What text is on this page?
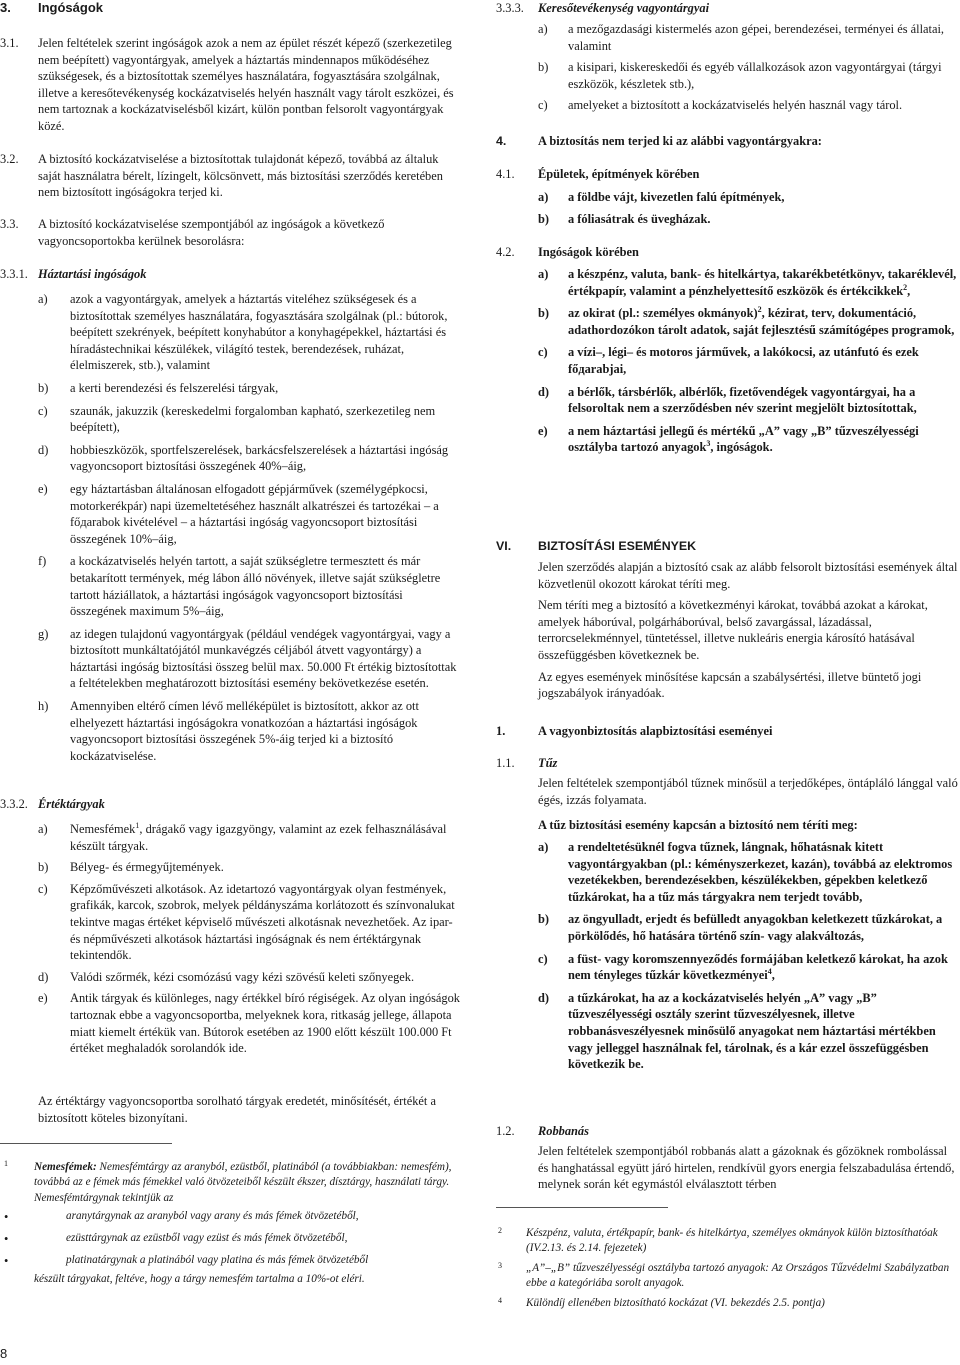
3. Ingóságok
3.1. Jelen feltételek szerint ingóságok azok a nem az épület részét képező (szerkezetileg nem beépített) vagyontárgyak, amelyek a háztartás mindennapos működéséhez szükségesek, és a biztosítottak személyes használatára, fogyasztására szolgálnak, illetve a keresőtevékenység kockázatviselés helyén használt vagy tárolt eszközei, és nem tartoznak a kockázatviselésből kizárt, külön pontban felsorolt vagyontárgyak közé.

3.2. A biztosító kockázatviselése a biztosítottak tulajdonát képező, továbbá az általuk saját használatra bérelt, lízingelt, kölcsönvett, más biztosítási szerződés keretében nem biztosított ingóságokra terjed ki.

3.3. A biztosító kockázatviselése szempontjából az ingóságok a következő vagyoncsoportokba kerülnek besorolásra:

3.3.1. Háztartási ingóságok
a) azok a vagyontárgyak, amelyek a háztartás viteléhez szükségesek és a biztosítottak személyes használatára, fogyasztására szolgálnak (pl.: bútorok, beépített szekrények, beépített konyhabútor a konyhagépekkel, háztartási és híradástechnikai készülékek, világító testek, berendezések, ruházat, élelmiszerek, stb.), valamint

b) a kerti berendezési és felszerelési tárgyak,

c) szaunák, jakuzzik (kereskedelmi forgalomban kapható, szerkezetileg nem beépített),

d) hobbieszközök, sportfelszerelések, barkácsfelszerelések a háztartási ingóság vagyoncsoport biztosítási összegének 40%–áig,

e) egy háztartásban általánosan elfogadott gépjárművek (személygépkocsi, motorkerékpár) napi üzemeltetéséhez használt alkatrészei és tartozékai – a főдarabok kivételével – a háztartási ingóság vagyoncsoport biztosítási összegének 10%–áig,

f) a kockázatviselés helyén tartott, a saját szükségletre termesztett és már betakarított termények, még lábon álló növények, illetve saját szükségletre tartott háziállatok, a háztartási ingóságok vagyoncsoport biztosítási összegének maximum 5%–áig,

g) az idegen tulajdonú vagyontárgyak (például vendégek vagyontárgyai, vagy a biztosított munkáltatójától munkavégzés céljából átvett vagyontárgy) a háztartási ingóság biztosítási összeg belül max. 50.000 Ft értékig biztosítottak a feltételekben meghatározott biztosítási esemény bekövetkezése esetén.

h) Amennyiben eltérő címen lévő melléképület is biztosított, akkor az ott elhelyezett háztartási ingóságokra vonatkozóan a háztartási ingóságok vagyoncsoport biztosítási összegének 5%-áig terjed ki a biztosító kockázatviselése.

3.3.2. Értéktárgyak
a) Nemesfémek$^1$, drágakő vagy igazgyöngy, valamint az ezek felhasználásával készült tárgyak.

b) Bélyeg- és érmegyűjtemények.

c) Képzőművészeti alkotások. Az idetartozó vagyontárgyak olyan festmények, grafikák, karcok, szobrok, melyek példányszáma korlátozott és színvonalukat tekintve magas értéket képviselő művészeti alkotásnak nevezhetőek. Az ipar- és népművészeti alkotások háztartási ingóságnak és nem értéktárgynak tekintendők.

d) Valódi szőrmék, kézi csomózású vagy kézi szövésű keleti szőnyegek.

e) Antik tárgyak és különleges, nagy értékkel bíró régiségek. Az olyan ingóságok tartoznak ebbe a vagyoncsoportba, melyeknek kora, ritkaság jellege, állapota miatt kiemelt értékük van. Bútorok esetében az 1900 előtt készült 100.000 Ft értéket meghaladók sorolandók ide.

Az értéktárgy vagyoncsoportba sorolható tárgyak eredetét, minősítését, értékét a biztosított köteles bizonyítani.

1 Nemesfémek: Nemesfémtárgy az aranyból, ezüstből, platinából (a továbbiakban: nemesfém), továbbá az e fémek más fémekkel való ötvözeteiből készült ékszer, dísztárgy, használati tárgy.

Nemesfémtárgynak tekintjük az

•	aranytárgynak az aranyból vagy arany és más fémek ötvözetéből,
•	ezüsttárgynak az ezüstből vagy ezüst és más fémek ötvözetéből,
•	platinatárgynak a platinából vagy platina és más fémek ötvözetéből

készült tárgyakat, feltéve, hogy a tárgy nemesfém tartalma a 10%-ot eléri.

8
3.3.3. Keresőtevékenység vagyontárgyai
a) a mezőgazdasági kistermelés azon gépei, berendezései, terményei és állatai, valamint

b) a kisipari, kiskereskedői és egyéb vállalkozások azon vagyontárgyai (tárgyi eszközök, készletek stb.),

c) amelyeket a biztosított a kockázatviselés helyén használ vagy tárol.

4.	A biztosítás nem terjed ki az alábbi vagyontárgyakra:
4.1. Épületek, építmények körében
a) a földbe vájt, kivezetlen falú építmények,

b) a fóliasátrak és üvegházak.

4.2. Ingóságok körében
a) a készpénz, valuta, bank- és hitelkártya, takarékbetétkönyv, takaréklevél, értékpapír, valamint a pénzhelyettesítő eszközök és értékcikkek$^2$,

b) az okirat (pl.: személyes okmányok)$^2$, kézirat, terv, dokumentáció, adathordozókon tárolt adatok, saját fejlesztésű számítógépes programok,

c) a vízi–, légi– és motoros járművek, a lakókocsi, az utánfutó és ezek főдarabjai,

d) a bérlők, társbérlők, albérlők, fizetővendégek vagyontárgyai, ha a felsoroltak nem a szerződésben név szerint megjelölt biztosítottak,

e) a nem háztartási jellegű és mértékű „A” vagy „B” tűzveszélyességi osztályba tartozó anyagok$^3$, ingóságok.

VI. BIZTOSÍTÁSI ESEMÉNYEK

Jelen szerződés alapján a biztosító csak az alább felsorolt biztosítási események által közvetlenül okozott károkat téríti meg.

Nem téríti meg a biztosító a következményi károkat, továbbá azokat a károkat, amelyek háborúval, polgárháborúval, belső zavargással, lázadással, terrorcselekménnyel, tüntetéssel, illetve nukleáris energia károsító hatásával összefüggésben következnek be.

Az egyes események minősítése kapcsán a szabálysértési, illetve büntető jogi jogszabályok irányadóak.

1.	A vagyonbiztosítás alapbiztosítási eseményei
1.1. Tűz

Jelen feltételek szempontjából tűznek minősül a terjedőképes, öntápláló lánggal való égés, izzás folyamata.

A tűz biztosítási esemény kapcsán a biztosító nem téríti meg:

a) a rendeltetésüknél fogva tűznek, lángnak, hőhatásnak kitett vagyontárgyakban (pl.: kéményszerkezet, kazán), továbbá az elektromos vezetékekben, berendezésekben, készülékekben, gépekben keletkező tűzkárokat, ha a tűz más tárgyakra nem terjedt tovább,

b) az öngyulladt, erjedt és befülledt anyagokban keletkezett tűzkárokat, a pörkölődés, hő hatására történő szín- vagy alakváltozás,

c) a füst- vagy koromszennyeződés formájában keletkező károkat, ha azok nem tényleges tűzkár következményei$^4$,

d) a tűzkárokat, ha az a kockázatviselés helyén „A” vagy „B” tűzveszélyességi osztály szerint tűzveszélyesnek, illetve robbanásveszélyesnek minősülő anyagokat nem háztartási mértékben vagy jelleggel használnak fel, tárolnak, és a kár ezzel összefüggésben következik be.

1.2. Robbanás

Jelen feltételek szempontjából robbanás alatt a gázoknak és gőzöknek rombolással és hanghatással együtt járó hirtelen, rendkívül gyors energia felszabadulása értendő, melynek során két egymástól elválasztott térben

2 Készpénz, valuta, értékpapír, bank- és hitelkártya, személyes okmányok külön biztosíthatóak (IV.2.13. és 2.14. fejezetek)

3 „A”–„B” tűzveszélyességi osztályba tartozó anyagok: Az Országos Tűzvédelmi Szabályzatban ebbe a kategóriába sorolt anyagok.

4 Különdíj ellenében biztosítható kockázat (VI. bekezdés 2.5. pontja)
